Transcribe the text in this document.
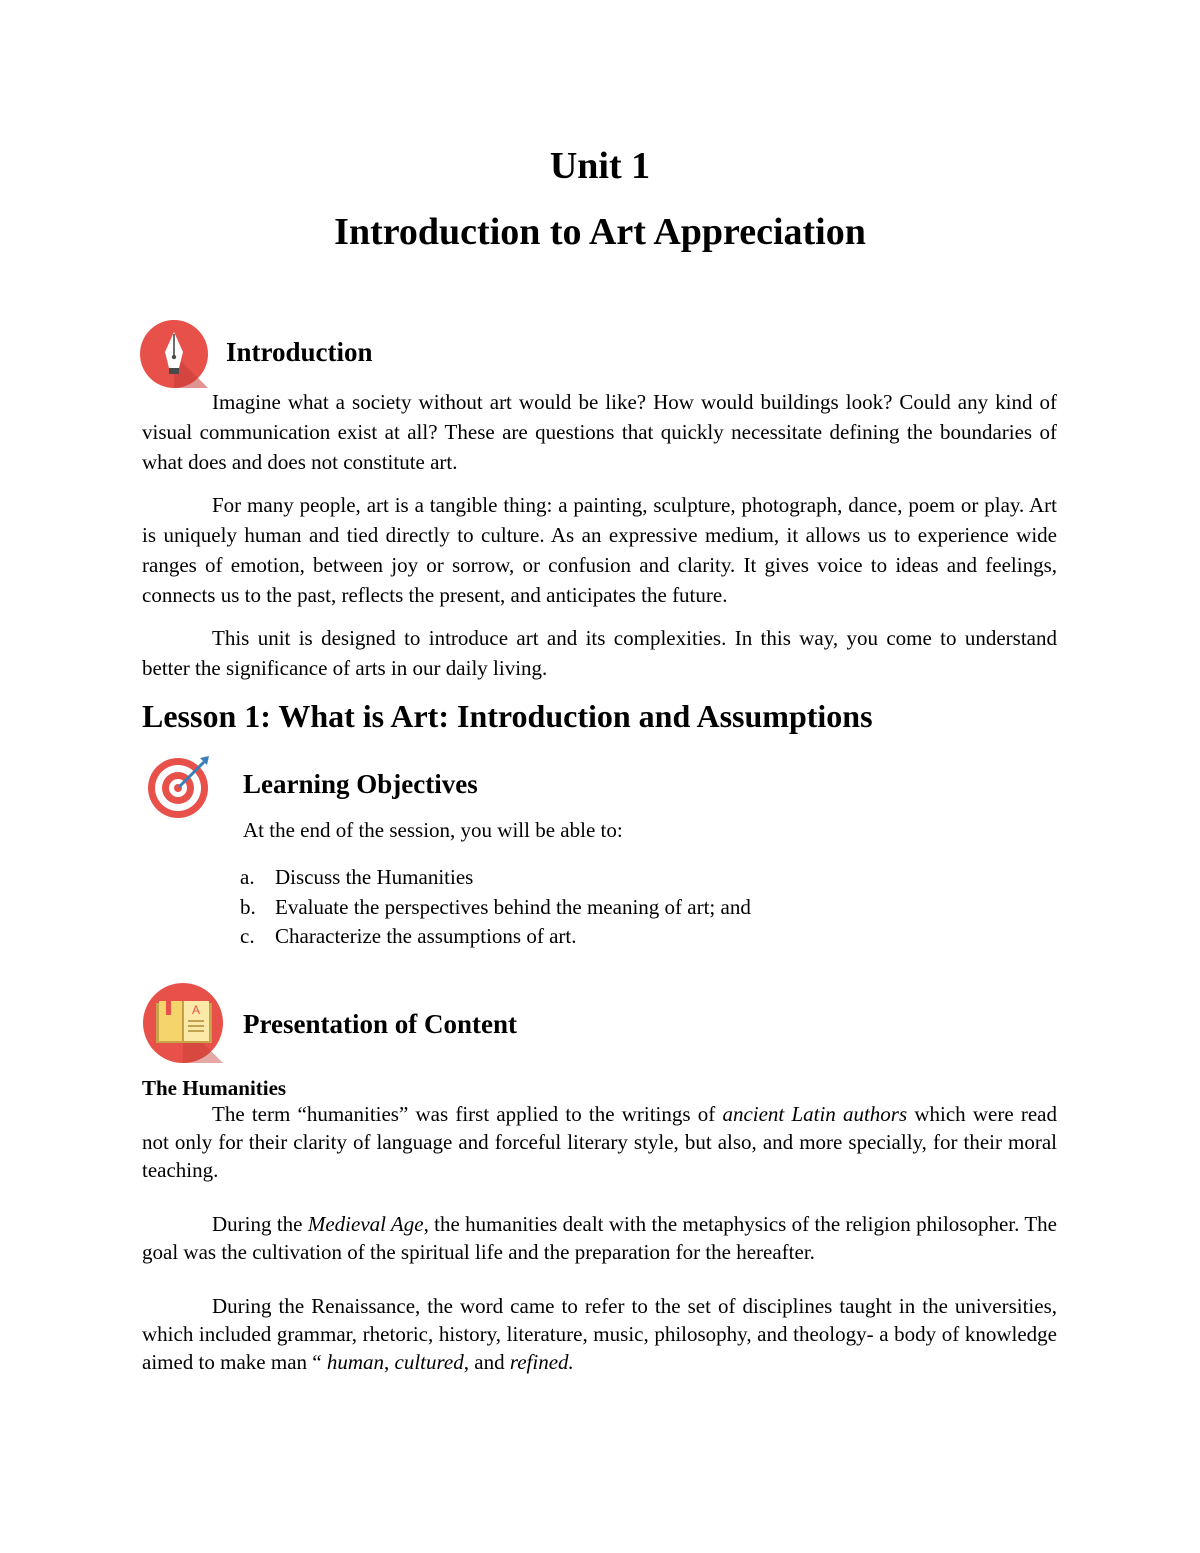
Unit 1

Introduction to Art Appreciation

Introduction

Imagine what a society without art would be like? How would buildings look? Could any kind of visual communication exist at all? These are questions that quickly necessitate defining the boundaries of what does and does not constitute art.

For many people, art is a tangible thing: a painting, sculpture, photograph, dance, poem or play. Art is uniquely human and tied directly to culture. As an expressive medium, it allows us to experience wide ranges of emotion, between joy or sorrow, or confusion and clarity. It gives voice to ideas and feelings, connects us to the past, reflects the present, and anticipates the future.

This unit is designed to introduce art and its complexities. In this way, you come to understand better the significance of arts in our daily living.

Lesson 1: What is Art: Introduction and Assumptions

Learning Objectives

At the end of the session, you will be able to:

a. Discuss the Humanities
b. Evaluate the perspectives behind the meaning of art; and
c. Characterize the assumptions of art.
A Presentation of Content

The Humanities

The term “humanities” was first applied to the writings of ancient Latin authors which were read not only for their clarity of language and forceful literary style, but also, and more specially, for their moral teaching.

During the Medieval Age, the humanities dealt with the metaphysics of the religion philosopher. The goal was the cultivation of the spiritual life and the preparation for the hereafter.

During the Renaissance, the word came to refer to the set of disciplines taught in the universities, which included grammar, rhetoric, history, literature, music, philosophy, and theology- a body of knowledge aimed to make man “ human, cultured, and refined.
